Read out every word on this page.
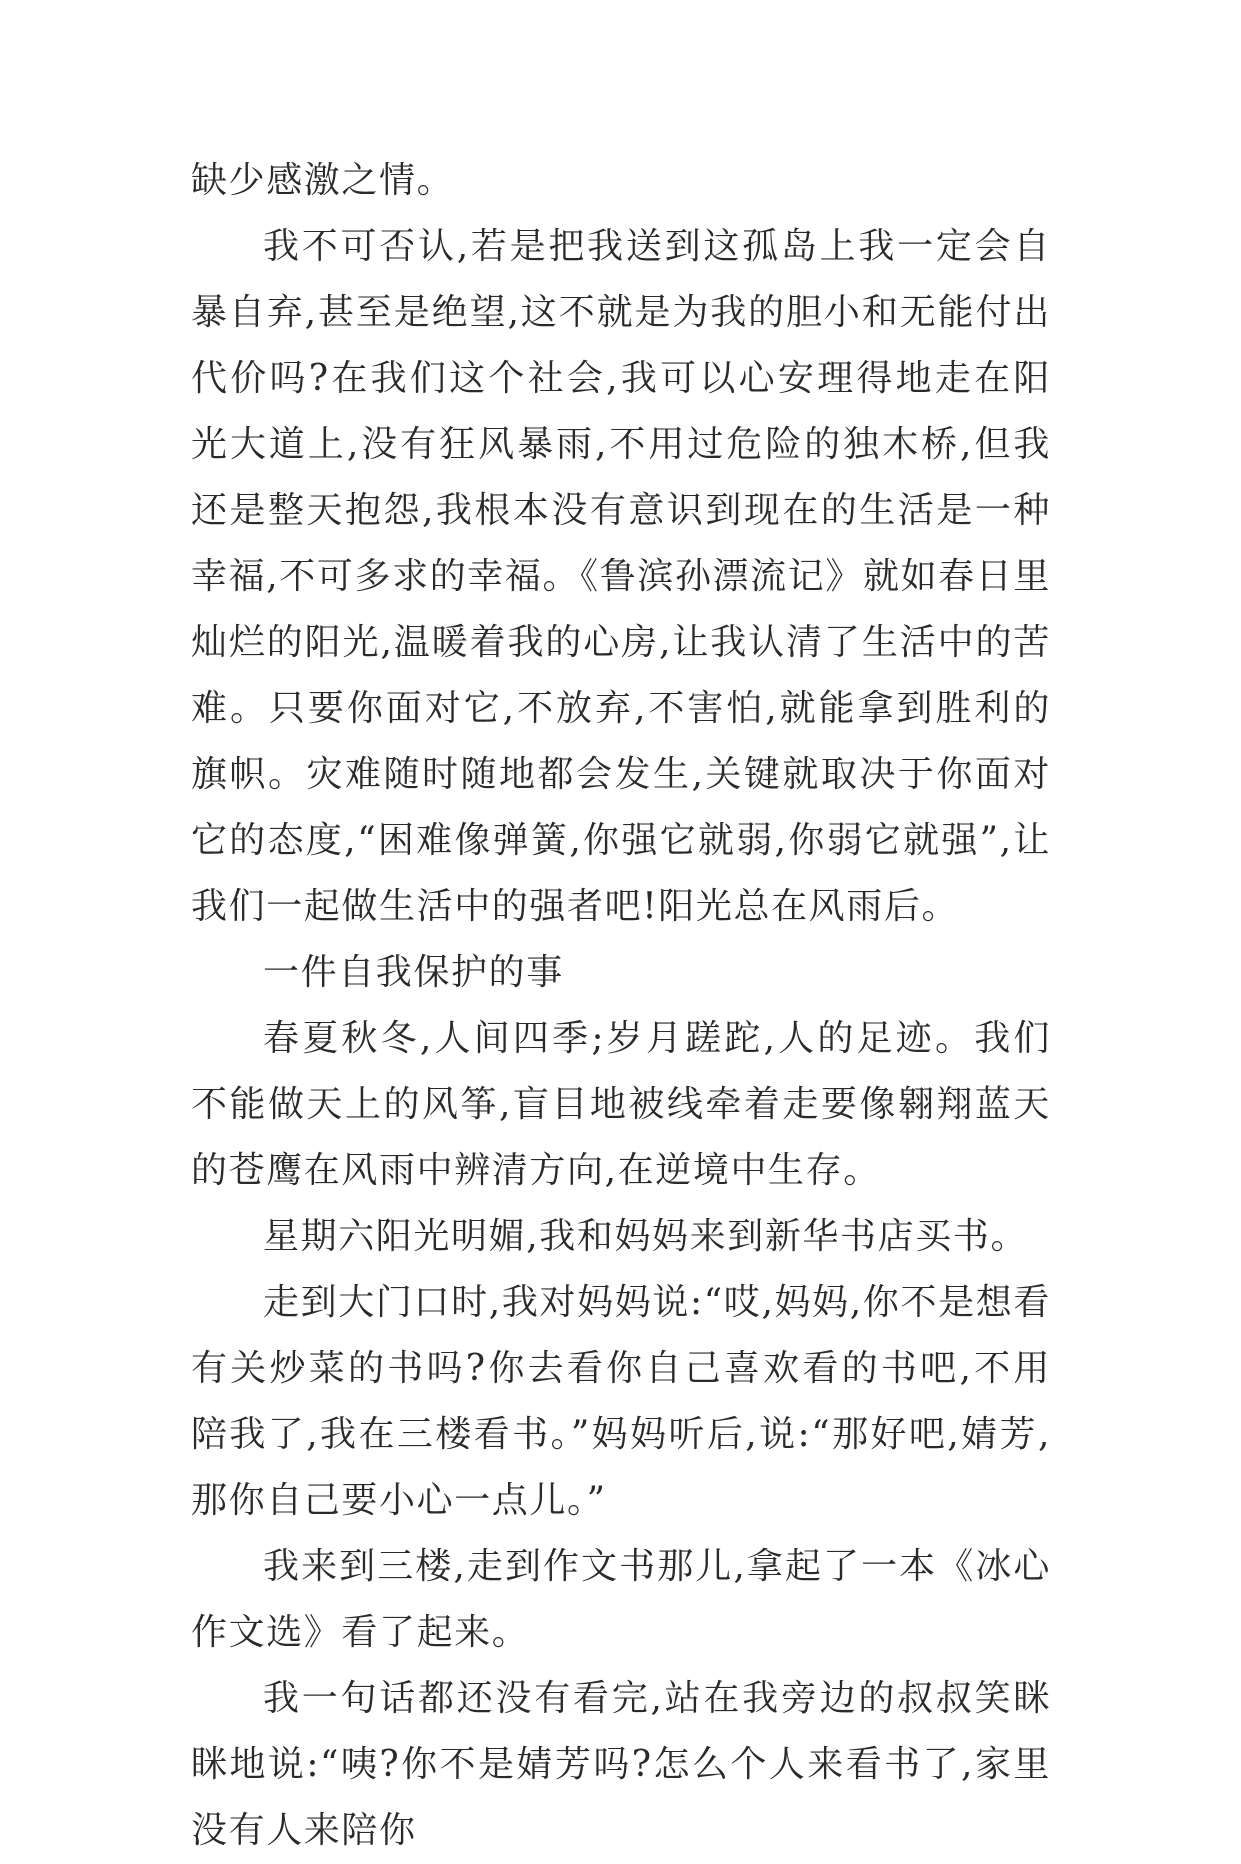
缺少感激之情。

我不可否认,若是把我送到这孤岛上我一定会自暴自弃,甚至是绝望,这不就是为我的胆小和无能付出代价吗?在我们这个社会,我可以心安理得地走在阳光大道上,没有狂风暴雨,不用过危险的独木桥,但我还是整天抱怨,我根本没有意识到现在的生活是一种幸福,不可多求的幸福。《鲁滨孙漂流记》就如春日里灿烂的阳光,温暖着我的心房,让我认清了生活中的苦难。只要你面对它,不放弃,不害怕,就能拿到胜利的旗帜。灾难随时随地都会发生,关键就取决于你面对它的态度,“困难像弹簧,你强它就弱,你弱它就强”,让我们一起做生活中的强者吧!阳光总在风雨后。

一件自我保护的事

春夏秋冬,人间四季;岁月蹉跎,人的足迹。我们不能做天上的风筝,盲目地被线牵着走要像翱翔蓝天的苍鹰在风雨中辨清方向,在逆境中生存。

星期六阳光明媚,我和妈妈来到新华书店买书。

走到大门口时,我对妈妈说:“哎,妈妈,你不是想看有关炒菜的书吗?你去看你自己喜欢看的书吧,不用陪我了,我在三楼看书。”妈妈听后,说:“那好吧,婧芳,那你自己要小心一点儿。”

我来到三楼,走到作文书那儿,拿起了一本《冰心作文选》看了起来。

我一句话都还没有看完,站在我旁边的叔叔笑眯眯地说:“咦?你不是婧芳吗?怎么个人来看书了,家里没有人来陪你
